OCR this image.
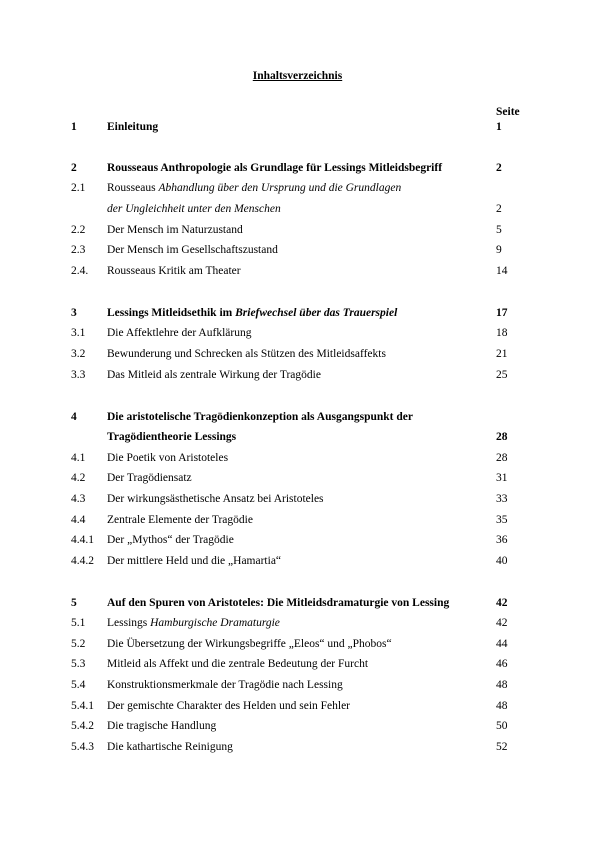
Inhaltsverzeichnis
Seite
1	Einleitung	1
2	Rousseaus Anthropologie als Grundlage für Lessings Mitleidsbegriff	2
2.1 Rousseaus Abhandlung über den Ursprung und die Grundlagen
der Ungleichheit unter den Menschen	2
2.2 Der Mensch im Naturzustand	5
2.3 Der Mensch im Gesellschaftszustand	9
2.4. Rousseaus Kritik am Theater	14
3	Lessings Mitleidsethik im Briefwechsel über das Trauerspiel	17
3.1 Die Affektlehre der Aufklärung	18
3.2 Bewunderung und Schrecken als Stützen des Mitleidsaffekts	21
3.3 Das Mitleid als zentrale Wirkung der Tragödie	25
4	Die aristotelische Tragödienkonzeption als Ausgangspunkt der
Tragödientheorie Lessings	28
4.1 Die Poetik von Aristoteles	28
4.2 Der Tragödiensatz	31
4.3 Der wirkungsästhetische Ansatz bei Aristoteles	33
4.4 Zentrale Elemente der Tragödie	35
4.4.1 Der „Mythos“ der Tragödie	36
4.4.2 Der mittlere Held und die „Hamartia“	40
5	Auf den Spuren von Aristoteles: Die Mitleidsdramaturgie von Lessing	42
5.1 Lessings Hamburgische Dramaturgie	42
5.2 Die Übersetzung der Wirkungsbegriffe „Eleos“ und „Phobos“	44
5.3 Mitleid als Affekt und die zentrale Bedeutung der Furcht	46
5.4 Konstruktionsmerkmale der Tragödie nach Lessing	48
5.4.1 Der gemischte Charakter des Helden und sein Fehler	48
5.4.2 Die tragische Handlung	50
5.4.3 Die kathartische Reinigung	52
